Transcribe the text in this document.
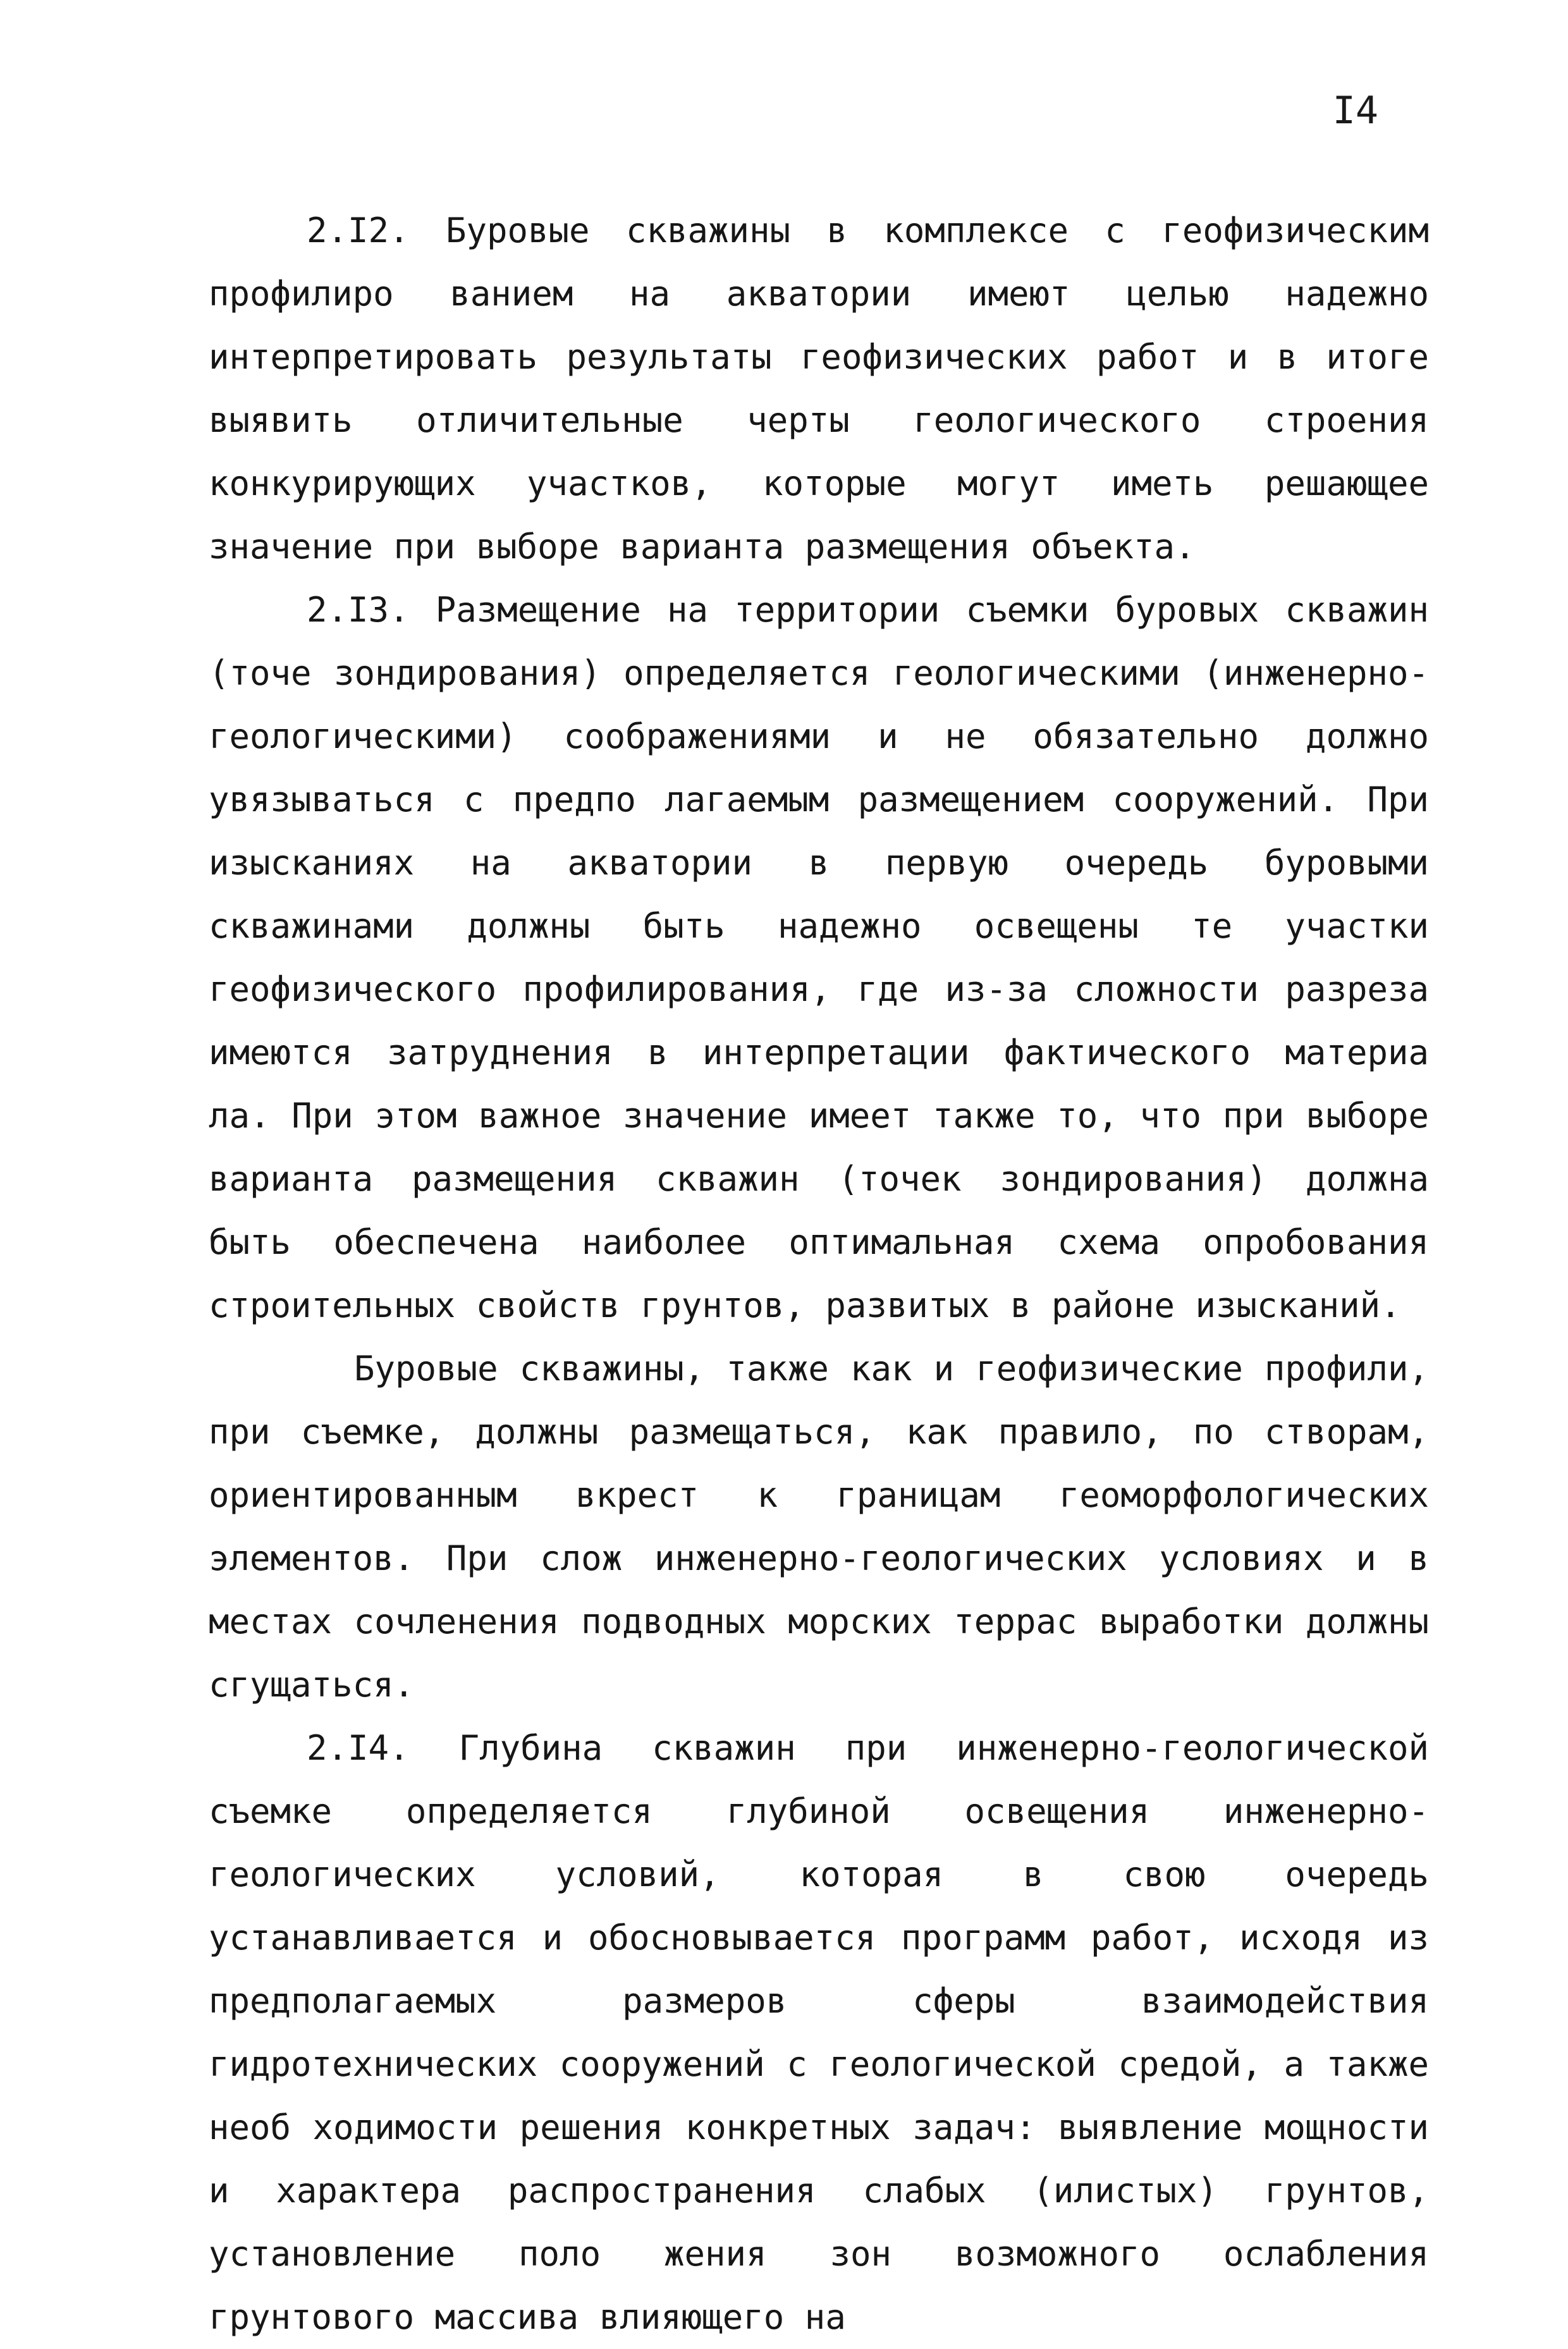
I4

2.I2. Буровые скважины в комплексе с геофизическим профилиро ванием на акватории имеют целью надежно интерпретировать результаты геофизических работ и в итоге выявить отличительные черты геологического строения конкурирующих участков, которые могут иметь решающее значение при выборе варианта размещения объекта.

2.I3. Размещение на территории съемки буровых скважин (точе зондирования) определяется геологическими (инженерно-геологическими) соображениями и не обязательно должно увязываться с предпо лагаемым размещением сооружений. При изысканиях на акватории в первую очередь буровыми скважинами должны быть надежно освещены те участки геофизического профилирования, где из-за сложности разреза имеются затруднения в интерпретации фактического материа ла. При этом важное значение имеет также то, что при выборе варианта размещения скважин (точек зондирования) должна быть обеспечена наиболее оптимальная схема опробования строительных свойств грунтов, развитых в районе изысканий.

Буровые скважины, также как и геофизические профили, при съемке, должны размещаться, как правило, по створам, ориентированным вкрест к границам геоморфологических элементов. При слож инженерно-геологических условиях и в местах сочленения подводных морских террас выработки должны сгущаться.

2.I4. Глубина скважин при инженерно-геологической съемке определяется глубиной освещения инженерно-геологических условий, которая в свою очередь устанавливается и обосновывается программ работ, исходя из предполагаемых размеров сферы взаимодействия гидротехнических сооружений с геологической средой, а также необ ходимости решения конкретных задач: выявление мощности и характера распространения слабых (илистых) грунтов, установление поло жения зон возможного ослабления грунтового массива влияющего на
